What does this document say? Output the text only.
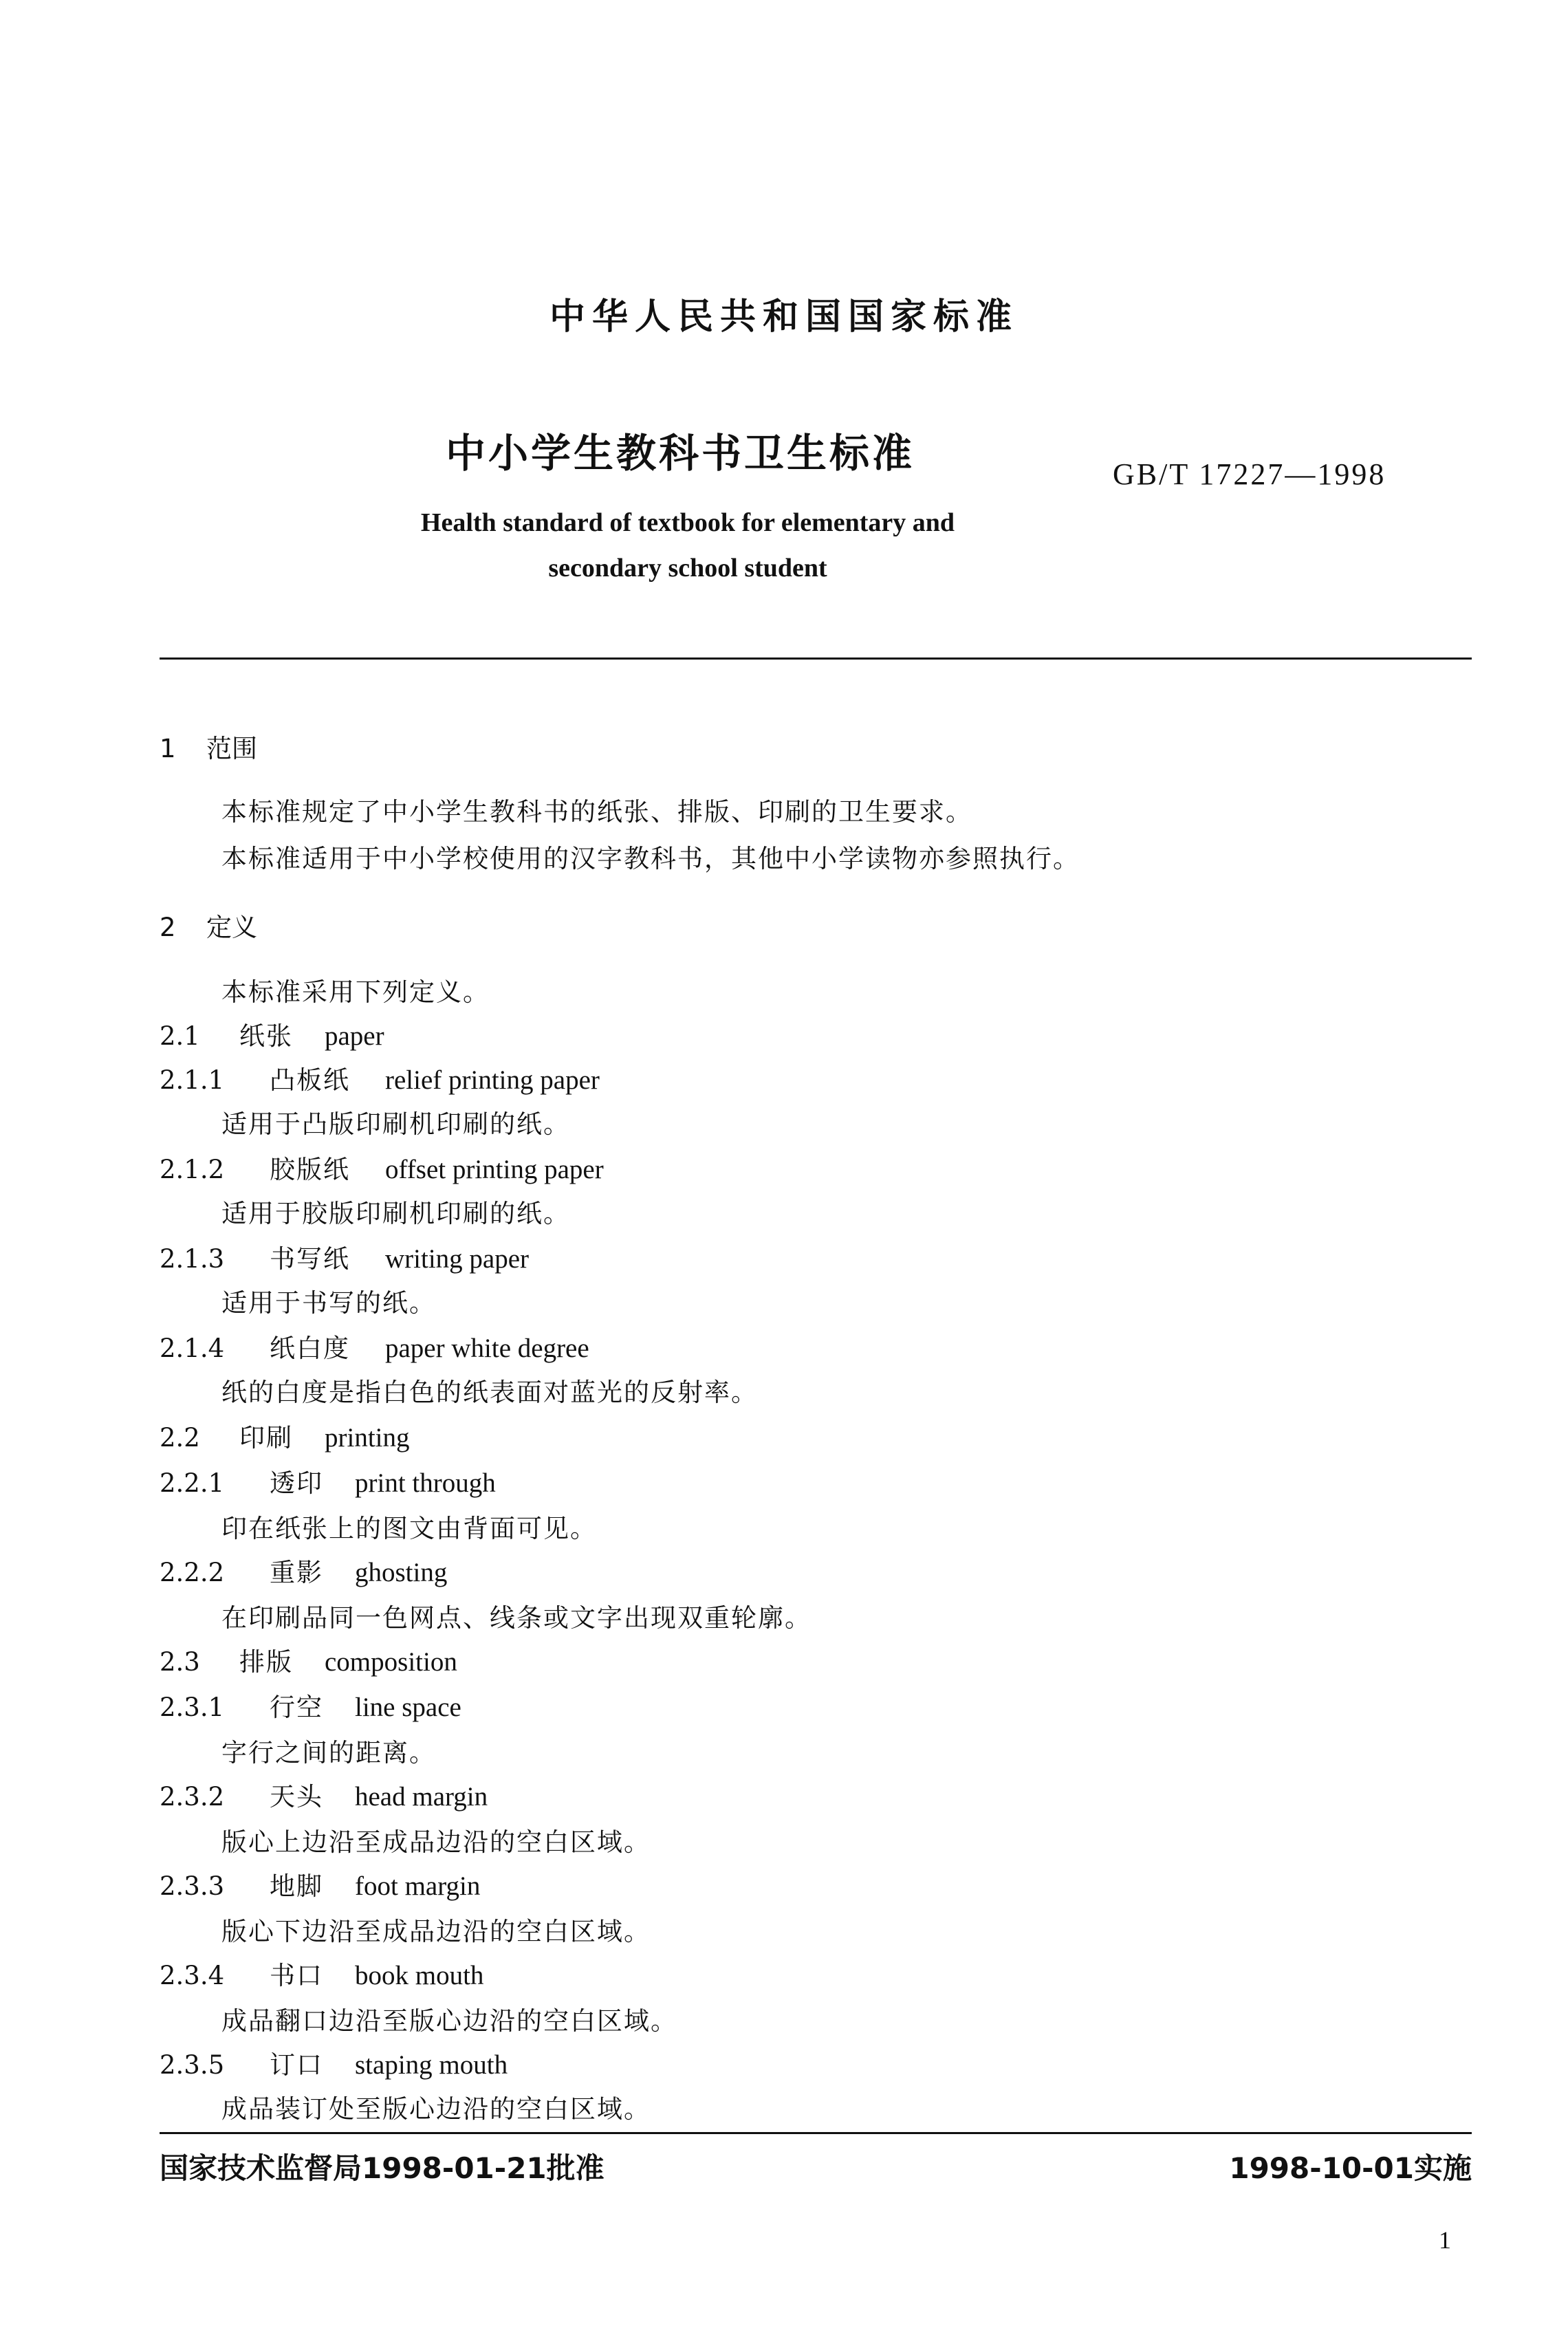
中华人民共和国国家标准
中小学生教科书卫生标准	GB/T 17227—1998
Health standard of textbook for elementary and
secondary school student
1 范围
本标准规定了中小学生教科书的纸张、排版、印刷的卫生要求。
本标准适用于中小学校使用的汉字教科书，其他中小学读物亦参照执行。
2 定义
本标准采用下列定义。
2.1 纸张 paper
2.1.1 凸板纸 relief printing paper
适用于凸版印刷机印刷的纸。
2.1.2 胶版纸 offset printing paper
适用于胶版印刷机印刷的纸。
2.1.3 书写纸 writing paper
适用于书写的纸。
2.1.4 纸白度 paper white degree
纸的白度是指白色的纸表面对蓝光的反射率。
2.2 印刷 printing
2.2.1 透印 print through
印在纸张上的图文由背面可见。
2.2.2 重影 ghosting
在印刷品同一色网点、线条或文字出现双重轮廓。
2.3 排版 composition
2.3.1 行空 line space
字行之间的距离。
2.3.2 天头 head margin
版心上边沿至成品边沿的空白区域。
2.3.3 地脚 foot margin
版心下边沿至成品边沿的空白区域。
2.3.4 书口 book mouth
成品翻口边沿至版心边沿的空白区域。
2.3.5 订口 staping mouth
成品装订处至版心边沿的空白区域。
国家技术监督局1998-01-21批准	1998-10-01实施
1
